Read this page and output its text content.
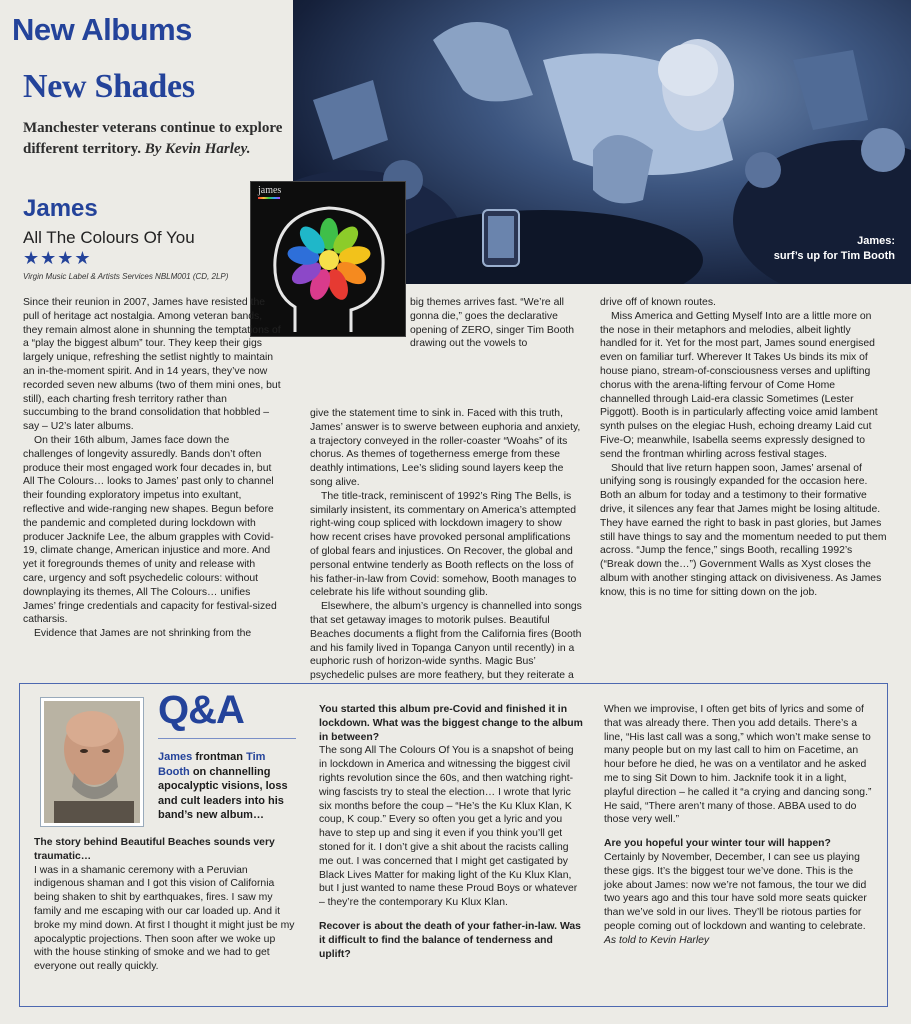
James:
surf’s up for Tim Booth
New Albums
New Shades
Manchester veterans continue to explore different territory. By Kevin Harley.
James
All The Colours Of You
★★★★
Virgin Music Label & Artists Services NBLM001 (CD, 2LP)
james

Since their reunion in 2007, James have resisted the pull of heritage act nostalgia. Among veteran bands, they remain almost alone in shunning the temptations of a “play the biggest album” tour. They keep their gigs largely unique, refreshing the setlist nightly to maintain an in-the-moment spirit. And in 14 years, they’ve now recorded seven new albums (two of them mini ones, but still), each charting fresh territory rather than succumbing to the brand consolidation that hobbled – say – U2’s later albums.

On their 16th album, James face down the challenges of longevity assuredly. Bands don’t often produce their most engaged work four decades in, but All The Colours… looks to James’ past only to channel their founding exploratory impetus into exultant, reflective and wide-ranging new shapes. Begun before the pandemic and completed during lockdown with producer Jacknife Lee, the album grapples with Covid-19, climate change, American injustice and more. And yet it foregrounds themes of unity and release with care, urgency and soft psychedelic colours: without downplaying its themes, All The Colours… unifies James’ fringe credentials and capacity for festival-sized catharsis.

Evidence that James are not shrinking from the

big themes arrives fast. “We’re all gonna die,” goes the declarative opening of ZERO, singer Tim Booth drawing out the vowels to

give the statement time to sink in. Faced with this truth, James’ answer is to swerve between euphoria and anxiety, a trajectory conveyed in the roller-coaster “Woahs” of its chorus. As themes of togetherness emerge from these deathly intimations, Lee’s sliding sound layers keep the song alive.

The title-track, reminiscent of 1992’s Ring The Bells, is similarly insistent, its commentary on America’s attempted right-wing coup spliced with lockdown imagery to show how recent crises have provoked personal amplifications of global fears and injustices. On Recover, the global and personal entwine tenderly as Booth reflects on the loss of his father-in-law from Covid: somehow, Booth manages to celebrate his life without sounding glib.

Elsewhere, the album’s urgency is channelled into songs that set getaway images to motorik pulses. Beautiful Beaches documents a flight from the California fires (Booth and his family lived in Topanga Canyon until recently) in a euphoric rush of horizon-wide synths. Magic Bus’ psychedelic pulses are more feathery, but they reiterate a

drive off of known routes.

Miss America and Getting Myself Into are a little more on the nose in their metaphors and melodies, albeit lightly handled for it. Yet for the most part, James sound energised even on familiar turf. Wherever It Takes Us binds its mix of house piano, stream-of-consciousness verses and uplifting chorus with the arena-lifting fervour of Come Home channelled through Laid-era classic Sometimes (Lester Piggott). Booth is in particularly affecting voice amid lambent synth pulses on the elegiac Hush, echoing dreamy Laid cut Five-O; meanwhile, Isabella seems expressly designed to send the frontman whirling across festival stages.

Should that live return happen soon, James’ arsenal of unifying song is rousingly expanded for the occasion here. Both an album for today and a testimony to their formative drive, it silences any fear that James might be losing altitude. They have earned the right to bask in past glories, but James still have things to say and the momentum needed to put them across. “Jump the fence,” sings Booth, recalling 1992’s (“Break down the…”) Government Walls as Xyst closes the album with another stinging attack on divisiveness. As James know, this is no time for sitting down on the job.

Q&A
James frontman Tim Booth on channelling apocalyptic visions, loss and cult leaders into his band’s new album…
The story behind Beautiful Beaches sounds very traumatic…
I was in a shamanic ceremony with a Peruvian indigenous shaman and I got this vision of California being shaken to shit by earthquakes, fires. I saw my family and me escaping with our car loaded up. And it broke my mind down. At first I thought it might just be my apocalyptic projections. Then soon after we woke up with the house stinking of smoke and we had to get everyone out really quickly.
You started this album pre-Covid and finished it in lockdown. What was the biggest change to the album in between?
The song All The Colours Of You is a snapshot of being in lockdown in America and witnessing the biggest civil rights revolution since the 60s, and then watching right-wing fascists try to steal the election… I wrote that lyric six months before the coup – “He’s the Ku Klux Klan, K coup, K coup.” Every so often you get a lyric and you have to step up and sing it even if you think you’ll get stoned for it. I don’t give a shit about the racists calling me out. I was concerned that I might get castigated by Black Lives Matter for making light of the Ku Klux Klan, but I just wanted to name these Proud Boys or whatever – they’re the contemporary Ku Klux Klan.
Recover is about the death of your father-in-law. Was it difficult to find the balance of tenderness and uplift?
When we improvise, I often get bits of lyrics and some of that was already there. Then you add details. There’s a line, “His last call was a song,” which won’t make sense to many people but on my last call to him on Facetime, an hour before he died, he was on a ventilator and he asked me to sing Sit Down to him. Jacknife took it in a light, playful direction – he called it “a crying and dancing song.” He said, “There aren’t many of those. ABBA used to do those very well.”
Are you hopeful your winter tour will happen?
Certainly by November, December, I can see us playing these gigs. It’s the biggest tour we’ve done. This is the joke about James: now we’re not famous, the tour we did two years ago and this tour have sold more seats quicker than we’ve sold in our lives. They’ll be riotous parties for people coming out of lockdown and wanting to celebrate.
As told to Kevin Harley
